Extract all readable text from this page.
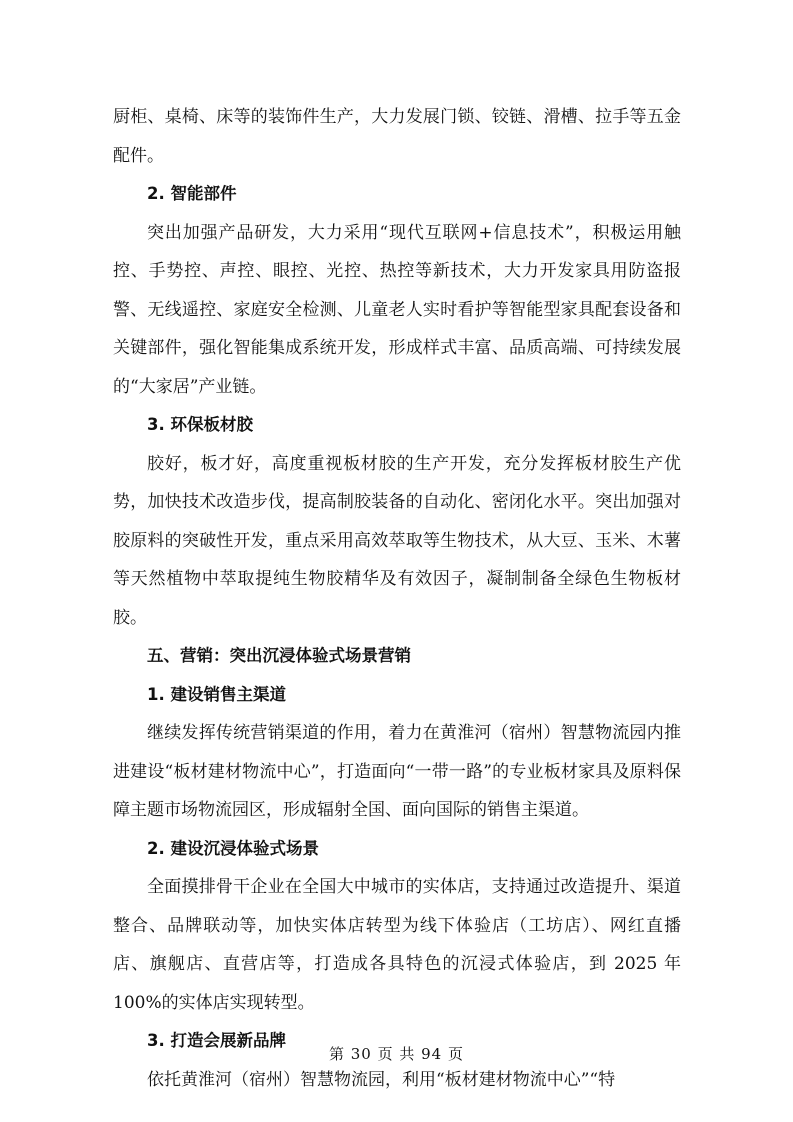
厨柜、桌椅、床等的装饰件生产，大力发展门锁、铰链、滑槽、拉手等五金配件。

2. 智能部件

突出加强产品研发，大力采用“现代互联网+信息技术”，积极运用触控、手势控、声控、眼控、光控、热控等新技术，大力开发家具用防盗报警、无线遥控、家庭安全检测、儿童老人实时看护等智能型家具配套设备和关键部件，强化智能集成系统开发，形成样式丰富、品质高端、可持续发展的“大家居”产业链。

3. 环保板材胶

胶好，板才好，高度重视板材胶的生产开发，充分发挥板材胶生产优势，加快技术改造步伐，提高制胶装备的自动化、密闭化水平。突出加强对胶原料的突破性开发，重点采用高效萃取等生物技术，从大豆、玉米、木薯等天然植物中萃取提纯生物胶精华及有效因子，凝制制备全绿色生物板材胶。

五、营销：突出沉浸体验式场景营销

1. 建设销售主渠道

继续发挥传统营销渠道的作用，着力在黄淮河（宿州）智慧物流园内推进建设“板材建材物流中心”，打造面向“一带一路”的专业板材家具及原料保障主题市场物流园区，形成辐射全国、面向国际的销售主渠道。

2. 建设沉浸体验式场景

全面摸排骨干企业在全国大中城市的实体店，支持通过改造提升、渠道整合、品牌联动等，加快实体店转型为线下体验店（工坊店）、网红直播店、旗舰店、直营店等，打造成各具特色的沉浸式体验店，到 2025 年 100%的实体店实现转型。

3. 打造会展新品牌

依托黄淮河（宿州）智慧物流园，利用“板材建材物流中心”“特

第 30 页 共 94 页
